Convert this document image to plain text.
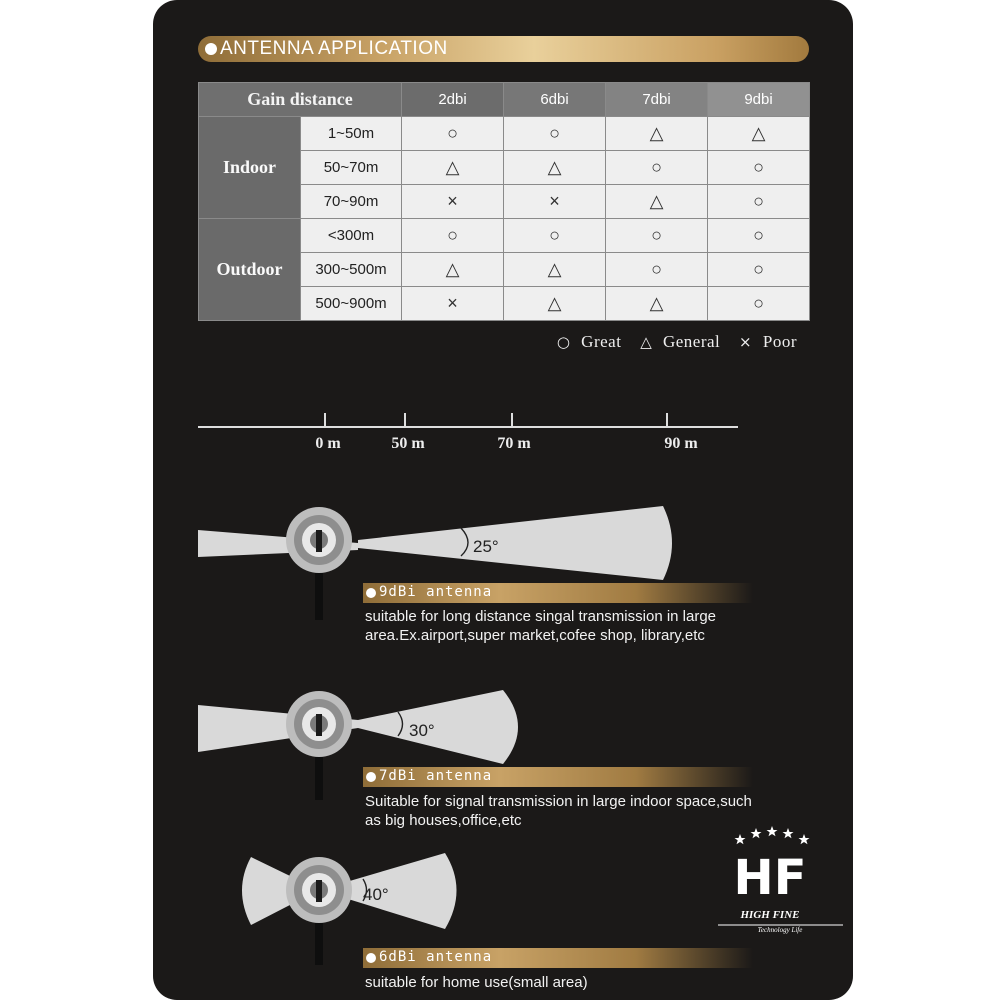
ANTENNA APPLICATION
Gain distance		2dbi	6dbi	7dbi	9dbi
Indoor	1~50m	○	○	△	△
	50~70m	△	△	○	○
	70~90m	×	×	△	○
Outdoor	<300m	○	○	○	○
	300~500m	△	△	○	○
	500~900m	×	△	△	○
○ Great △ General × Poor
0 m	50 m	70 m	90 m
25°
9dBi antenna
suitable for long distance singal transmission in large area.Ex.airport,super market,cofee shop, library,etc
30°
7dBi antenna
Suitable for signal transmission in large indoor space,such as big houses,office,etc
40°
6dBi antenna
suitable for home use(small area)
HF
HIGH FINE
Technology Life
